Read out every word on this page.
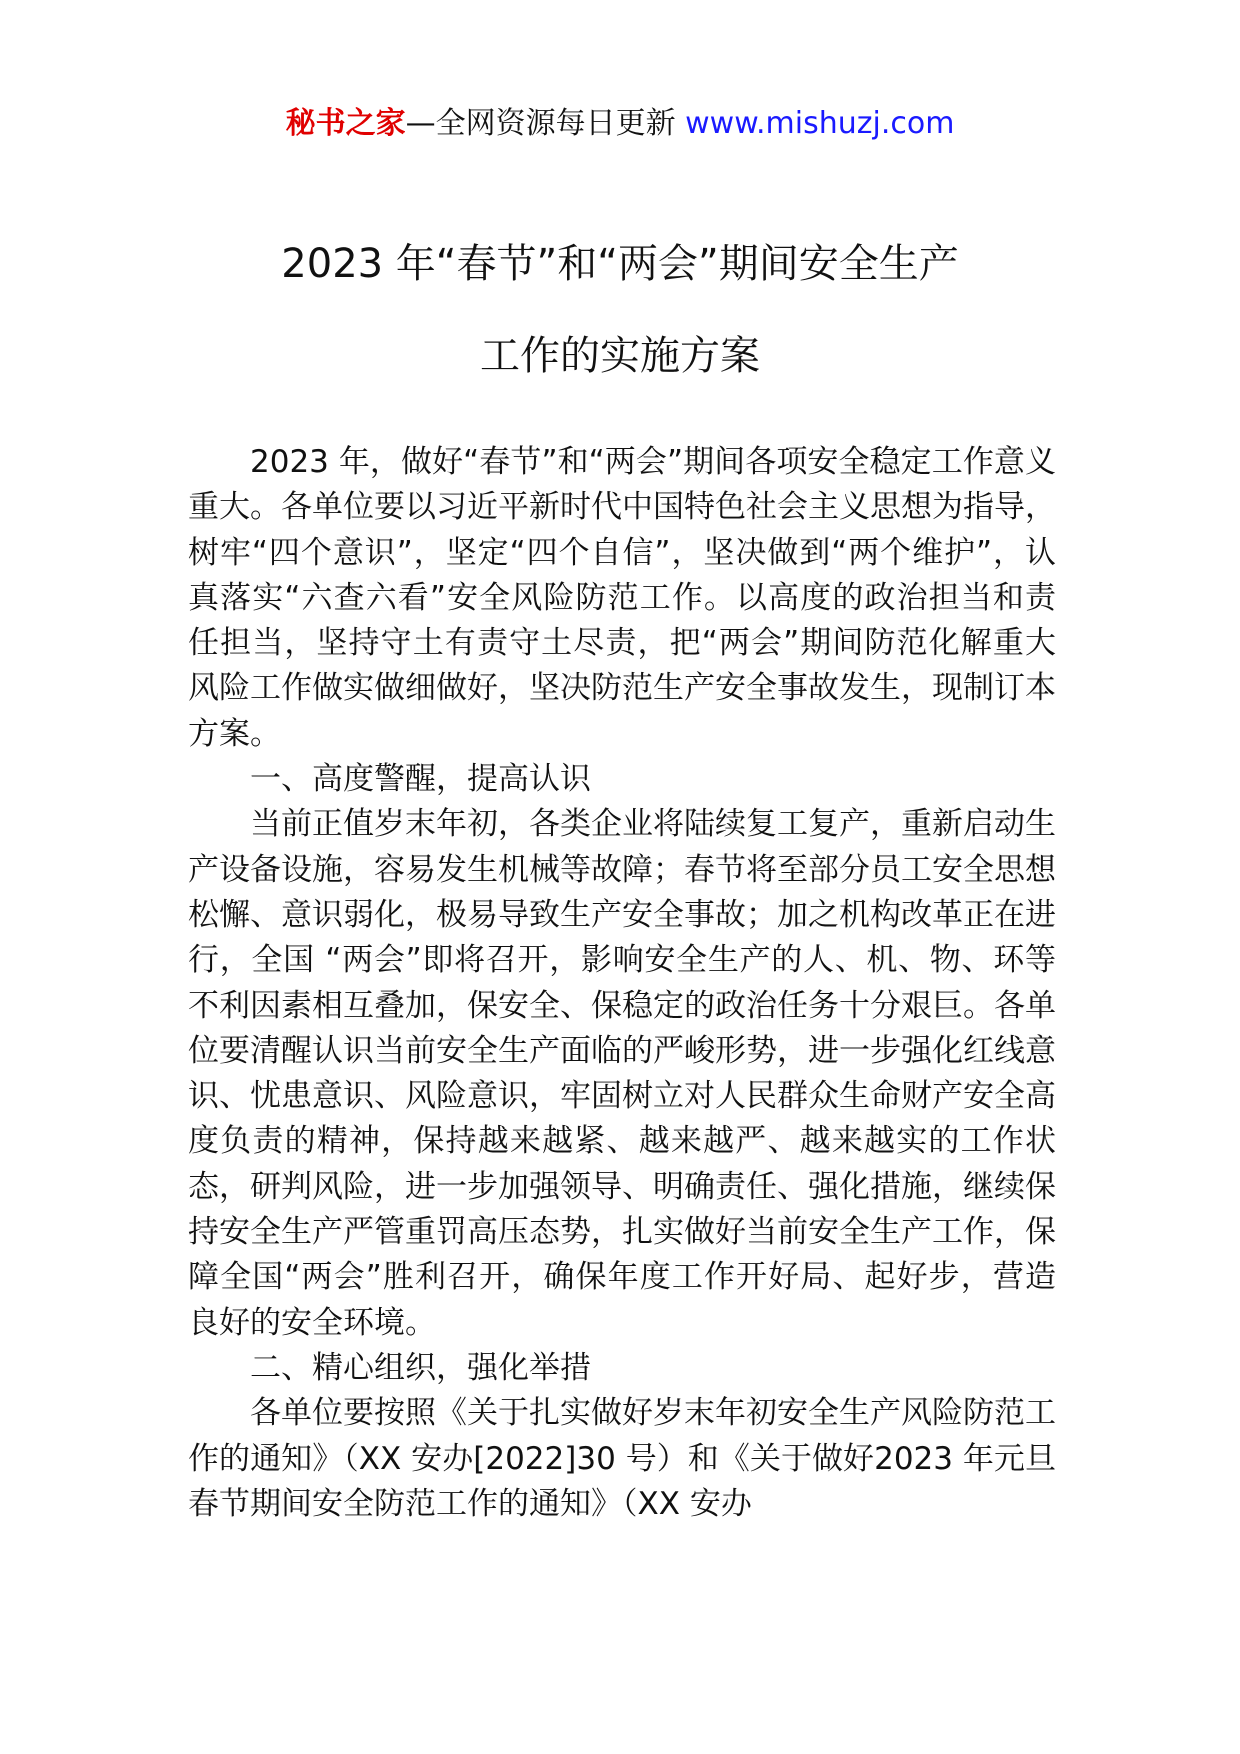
秘书之家—全网资源每日更新 www.mishuzj.com
2023 年“春节”和“两会”期间安全生产
工作的实施方案

2023 年，做好“春节”和“两会”期间各项安全稳定工作意义重大。各单位要以习近平新时代中国特色社会主义思想为指导，树牢“四个意识”，坚定“四个自信”，坚决做到“两个维护”，认真落实“六查六看”安全风险防范工作。以高度的政治担当和责任担当，坚持守土有责守土尽责，把“两会”期间防范化解重大风险工作做实做细做好，坚决防范生产安全事故发生，现制订本方案。

一、高度警醒，提高认识

当前正值岁末年初，各类企业将陆续复工复产，重新启动生产设备设施，容易发生机械等故障；春节将至部分员工安全思想松懈、意识弱化，极易导致生产安全事故；加之机构改革正在进行，全国 “两会”即将召开，影响安全生产的人、机、物、环等不利因素相互叠加，保安全、保稳定的政治任务十分艰巨。各单位要清醒认识当前安全生产面临的严峻形势，进一步强化红线意识、忧患意识、风险意识，牢固树立对人民群众生命财产安全高度负责的精神，保持越来越紧、越来越严、越来越实的工作状态，研判风险，进一步加强领导、明确责任、强化措施，继续保持安全生产严管重罚高压态势，扎实做好当前安全生产工作，保障全国“两会”胜利召开，确保年度工作开好局、起好步，营造良好的安全环境。

二、精心组织，强化举措

各单位要按照《关于扎实做好岁末年初安全生产风险防范工作的通知》（XX 安办[2022]30 号）和《关于做好2023 年元旦春节期间安全防范工作的通知》（XX 安办
